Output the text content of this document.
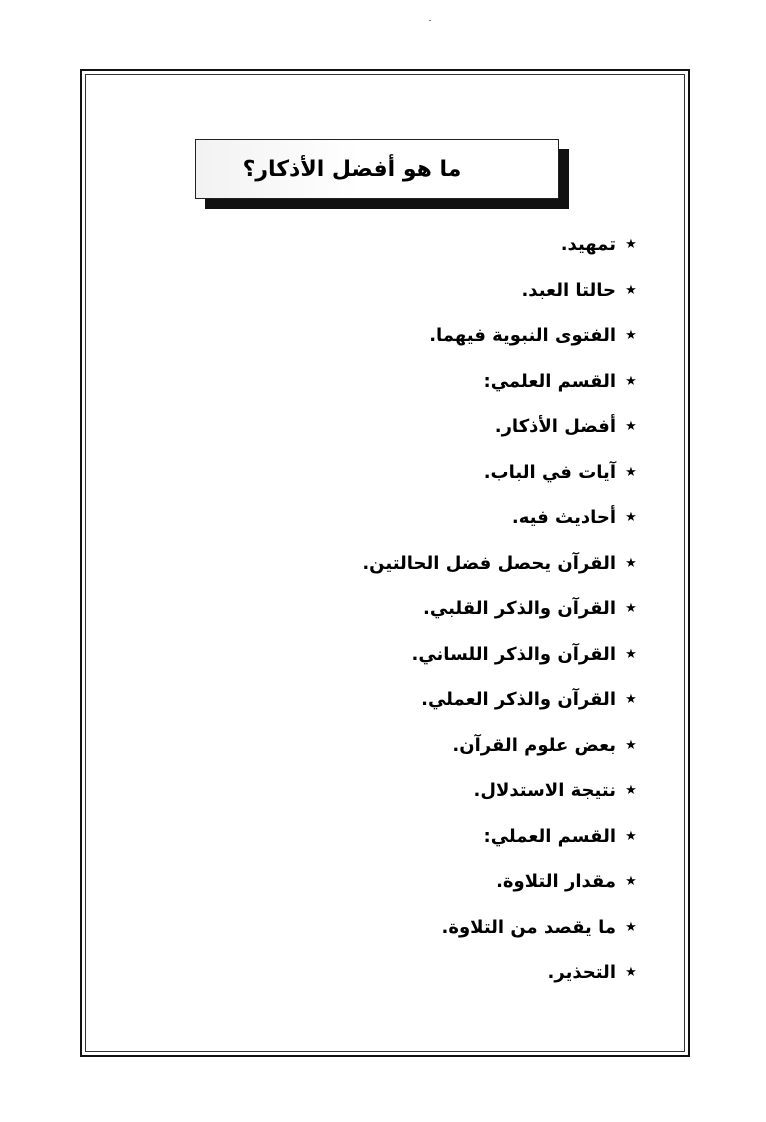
ما هو أفضل الأذكار؟
★
تمهيد.
★
حالتا العبد.
★
الفتوى النبوية فيهما.
★
القسم العلمي:
★
أفضل الأذكار.
★
آيات في الباب.
★
أحاديث فيه.
★
القرآن يحصل فضل الحالتين.
★
القرآن والذكر القلبي.
★
القرآن والذكر اللساني.
★
القرآن والذكر العملي.
★
بعض علوم القرآن.
★
نتيجة الاستدلال.
★
القسم العملي:
★
مقدار التلاوة.
★
ما يقصد من التلاوة.
★
التحذير.
